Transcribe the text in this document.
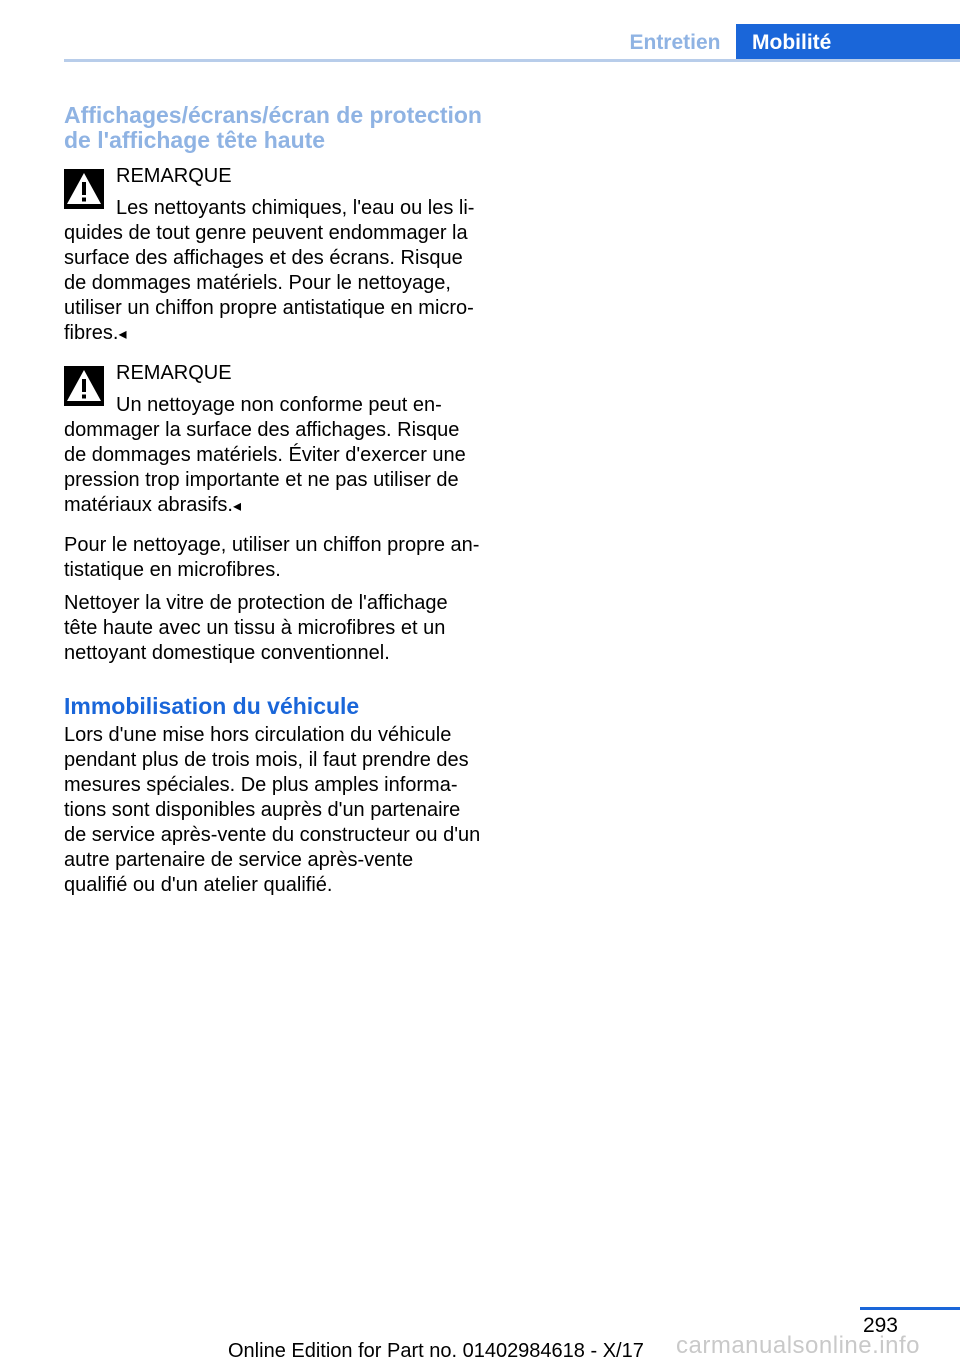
Entretien	Mobilité
Affichages/écrans/écran de protection de l'affichage tête haute
REMARQUE
Les nettoyants chimiques, l'eau ou les li- quides de tout genre peuvent endommager la surface des affichages et des écrans. Risque de dommages matériels. Pour le nettoyage, utiliser un chiffon propre antistatique en micro- fibres.◂
REMARQUE
Un nettoyage non conforme peut en- dommager la surface des affichages. Risque de dommages matériels. Éviter d'exercer une pression trop importante et ne pas utiliser de matériaux abrasifs.◂

Pour le nettoyage, utiliser un chiffon propre an- tistatique en microfibres.

Nettoyer la vitre de protection de l'affichage tête haute avec un tissu à microfibres et un nettoyant domestique conventionnel.

Immobilisation du véhicule

Lors d'une mise hors circulation du véhicule pendant plus de trois mois, il faut prendre des mesures spéciales. De plus amples informa- tions sont disponibles auprès d'un partenaire de service après-vente du constructeur ou d'un autre partenaire de service après-vente qualifié ou d'un atelier qualifié.

293
Online Edition for Part no. 01402984618 - X/17 carmanualsonline.info
